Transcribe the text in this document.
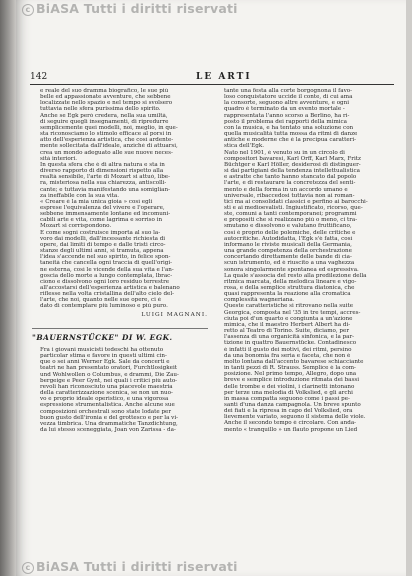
c BiASA Tutti i diritti riservati
142	LE ARTI

e reale del suo dramma biografico, le sue più
belle ed appassionate avventure, che sebbene
localizzate nello spazio e nel tempo si svolsero
tuttavia nelle sfera purissima dello spirito.
Anche se Egk però credera, nella sua umiltà,
di seguire quegli insegnamenti, di ripredurre
semplicemente quei modelli, noi, meglio, in que-
sta riconosciamo lo stimolo efficace al porsi in
atto dell'esperienza artistica, che così ardente-
mente sollecitata dall'ideale, anziché di attuarsi,
crea un mondo adeguato alle sue nuove neces-
sità interiori.

In questa sfera che è di altra natura e sta in
diverso rapporto di dimensioni rispetto alla
realtà sensibile, l'arte di Mozart si attuò, libe-
ra, misteriosa nella sua chiarezza, antiscolli-
cante; e tuttavia manifestando una somiglian-
za ineffabile con la sua vita.

« Creare è la mia unica gioia » così egli
esprese l'equivalenza del vivere e l'operare,
sebbene immensamente lontane ed incomuni-
cabili arte e vita, come lagrima e sorriso in
Mozart si corrispondono.

E come sogni costruisce importa al suo la-
voro dai modelli, dall'incessante richiesta di
opere, dai limiti di tempo e dalle tristi circo-
stanze degli ultimi anni, si tramuta, appena
l'idea s'accende nel suo spirito, in felice spon-
taneità che cancella ogni traccia di quell'origi-
ne esterna, così le vicende della sua vita e l'an-
goscia dello morte a lungo contemplata, lbrac-
ciono e dissolvono ogni loro residuo terrestre
all'accostarsi dell'esperienza artistica e balenano
riflesse nella volta cristallina dell'alto cielo del-
l'arte, che noi, quanto nelle sue opere, ci è
dato di contemplare più luminoso e più puro.

LUIGI MAGNANI.
"BAUERNSTÜCKE" DI W. EGK.

Fra i giovani musicisti tedeschi ha ottenuto
particolar stima e favore in questi ultimi cin-
que o sei anni Werner Egk. Sale da concerti e
teatri ne han presentato oratori, Furchtlosigkeit
und Wohlwollen o Columbus, e drammi, Die Zau-
bergeige e Peer Gynt, nei quali i critici più auto-
revoli han riconosciuto una piacevole maestria
della caratterizzazione scenica, se non un nuo-
vo e proprio ideale operistico, e una vigorosa
espressione strumentalistica. Anche alcune sue
composizioni orchestrali sono state lodate per
buon gusto dell'ironia e del grottesco e per la vi-
vezza timbrica. Una drammatiche Tanzdichtung,
da lui stesso sceneggiata, Joan von Zarissa - da-

tante una festa alla corte borgognona il favo-
loso conquistatore uccide il conte, di cui ama
la consorte, seguono altre avventure, e ogni
quadro è terminato da un evento mortale -
rappresentata l'anno scorso a Berlino, ha ri-
posto il problema dei rapporti della mimica
con la musica, e ha tentato una soluzione con
quella musicalità tutta mossa da ritmi di danze
antiche e moderne che è la precipua caratteri-
stica dell'Egk.

Nato nel 1901, è venuto su in un circolo di
compositori bavaresi, Karl Orff, Karl Marx, Fritz
Büchtger e Karl Höller, desiderosi di distinguer-
si dai partigiani della tendenza intellettualistica
e astratte che tanto hanno stancato dal popolo
l'arte, e di restaurare la concretezza del senti-
mento e della forma in un accordo umano e
universale, ribaccedosi tuttavia non ai roman-
tici ma ai consolidati classici e perfino ai barocchi-
sti e ai medioevalisti. Ingiustificato, ricorso, que-
ste, comuni a tanti contemporanei; programmi
e propositi che si realizzano più o meno, ci tra-
smutano e dissolvono e valutano fruttificano,
cosi è proprio delle polemiche, delle critiche e
autocritiche. Autodidatta, l'Egk s'è fatta, così
informano le riviste musicali della Germania,
una grande competenza della orchestrazione
concertando direttamente delle bande di cia-
scun istrumento, ed è riuscito a una vaghezza
sonora singolarmente spontanea ed espressiva.
La quale s'associa del resto alla predilezione della
ritmica marcata, della melodica lineare e vigo-
rosa, e della semplice struttura diatonica, che
quasi rappresenta la reazione alla cromatica
complessità wagneriana.

Queste caratteristiche si ritrovano nella suite
Georgica, composta nel '35 in tre tempi, accres-
ciuta poi d'un quarto e congiunta a un'azione
mimica, che il maestro Herbert Albert ha di-
retto al Teatro di Torino. Suite, diciamo, per
l'assenza di una organicità sinfonica, e la par-
tizione in quattro Bauernstücke. Contadinesco
è infatti il gusto dei motivi, dei ritmi, persino
da una bonomia fra seria e faceta, che non è
molto lontana dall'accento bavarese schiacciante
in tanti pezzi di R. Strauss. Semplice è la com-
posizione. Nel primo tempo, Allegro, dopo una
breve e semplice introduzione ritmata dei bassi
delle trombe e dei violini, i clarinetti intonano
per terze una melodia di Volkslied, e gli archi
in massa compatta seguono come i passi pe-
santi d'una danza campagnola. Un breve spunto
dei fiati e la ripresa in capo del Volkslied, ora
lievemente variato, seguono il sistema delle viole.
Anche il secondo tempo è circolare. Con anda-
mento « tranquillo » un flauto propone un Lied

c BiASA Tutti i diritti riservati
